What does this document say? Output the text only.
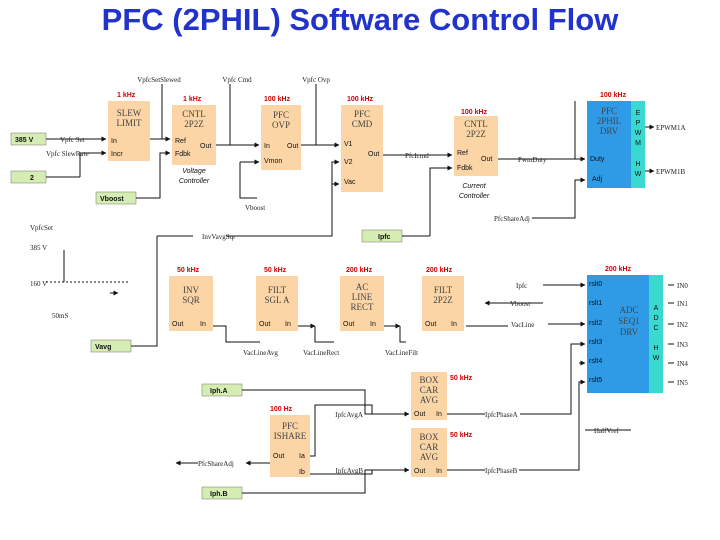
PFC (2PHIL) Software Control Flow
1 kHz
SLEW
LIMIT
In
Incr
1 kHz
CNTL
2P2Z
Ref
Fdbk
Out
Voltage
Controller
100 kHz
PFC
OVP
In
Vmon
Out
100 kHz
PFC
CMD
V1
V2
Vac
Out
100 kHz
CNTL
2P2Z
Ref
Fdbk
Out
Current
Controller
100 kHz
PFC
2PHIL
DRV
Duty
Adj
E
P
W
M
H
W
50 kHz
INV
SQR
Out In
50 kHz
FILT
SGL A
Out In
200 kHz
AC
LINE
RECT
Out In
200 kHz
FILT
2P2Z
Out In
200 kHz
ADC
SEQ1
DRV
rslt0
rslt1
rslt2
rslt3
rslt4
rslt5
A
D
C
H
W
50 kHz
BOX
CAR
AVG
Out In
50 kHz
BOX
CAR
AVG
Out In
100 Hz
PFC
ISHARE
Out Ia
Ib
385 V
2
Vboost
Ipfc
Vavg
Iph.A
Iph.B
VpfcSetSlewed	Vpfc Cmd	Vpfc Ovp
Vpfc Set
Vpfc SlewRate	PfcIcmd	PwmDuty
Vboost
PfcShareAdj
InvVavgSqr
VpfcSet
385 V
160 V
50mS
Ipfc
Vboost
VacLine
VacLineAvg	VacLineRect	VacLineFilt
IpfcAvgA
IpfcAvgB
IpfcPhaseA
IpfcPhaseB
HalfVref
PfcShareAdj
EPWM1A
EPWM1B
IN0
IN1
IN2
IN3
IN4
IN5
